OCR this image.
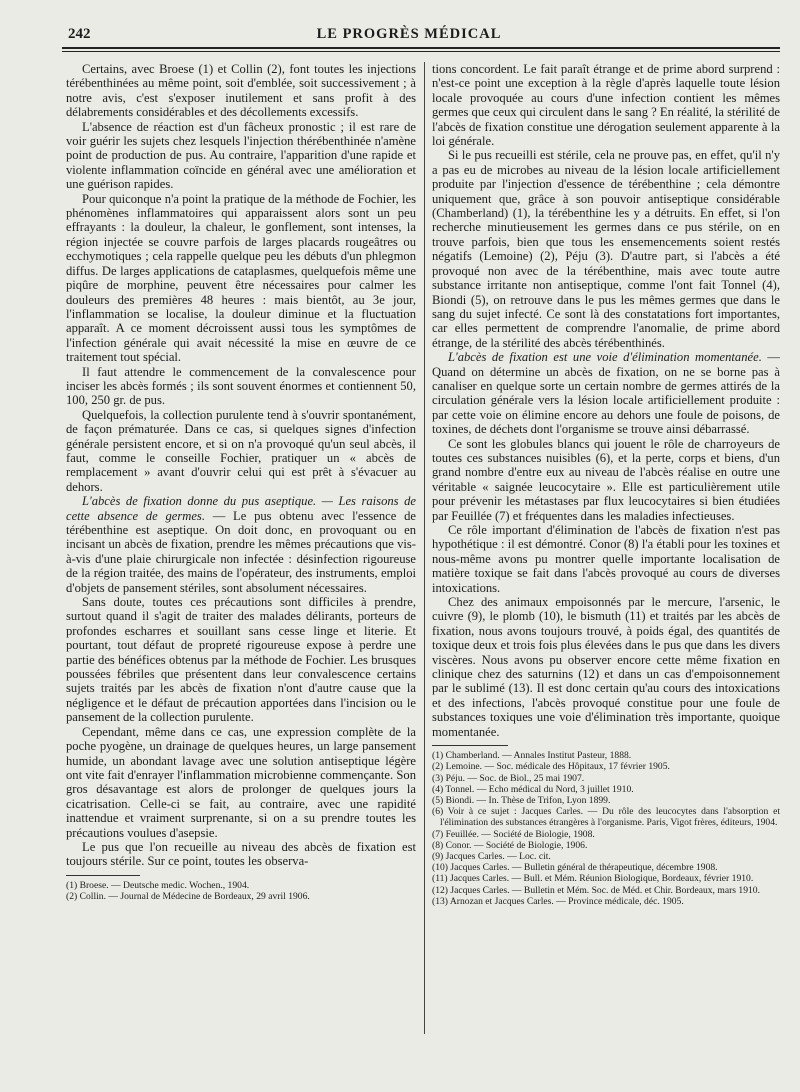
242	LE PROGRÈS MÉDICAL

Certains, avec Broese (1) et Collin (2), font toutes les injections térébenthinées au même point, soit d'emblée, soit successivement ; à notre avis, c'est s'exposer inutilement et sans profit à des délabrements considérables et des décollements excessifs.

L'absence de réaction est d'un fâcheux pronostic ; il est rare de voir guérir les sujets chez lesquels l'injection thérébenthinée n'amène point de production de pus. Au contraire, l'apparition d'une rapide et violente inflammation coïncide en général avec une amélioration et une guérison rapides.

Pour quiconque n'a point la pratique de la méthode de Fochier, les phénomènes inflammatoires qui apparaissent alors sont un peu effrayants : la douleur, la chaleur, le gonflement, sont intenses, la région injectée se couvre parfois de larges placards rougeâtres ou ecchymotiques ; cela rappelle quelque peu les débuts d'un phlegmon diffus. De larges applications de cataplasmes, quelquefois même une piqûre de morphine, peuvent être nécessaires pour calmer les douleurs des premières 48 heures : mais bientôt, au 3e jour, l'inflammation se localise, la douleur diminue et la fluctuation apparaît. A ce moment décroissent aussi tous les symptômes de l'infection générale qui avait nécessité la mise en œuvre de ce traitement tout spécial.

Il faut attendre le commencement de la convalescence pour inciser les abcès formés ; ils sont souvent énormes et contiennent 50, 100, 250 gr. de pus.

Quelquefois, la collection purulente tend à s'ouvrir spontanément, de façon prématurée. Dans ce cas, si quelques signes d'infection générale persistent encore, et si on n'a provoqué qu'un seul abcès, il faut, comme le conseille Fochier, pratiquer un « abcès de remplacement » avant d'ouvrir celui qui est prêt à s'évacuer au dehors.

L'abcès de fixation donne du pus aseptique. — Les raisons de cette absence de germes. — Le pus obtenu avec l'essence de térébenthine est aseptique. On doit donc, en provoquant ou en incisant un abcès de fixation, prendre les mêmes précautions que vis-à-vis d'une plaie chirurgicale non infectée : désinfection rigoureuse de la région traitée, des mains de l'opérateur, des instruments, emploi d'objets de pansement stériles, sont absolument nécessaires.

Sans doute, toutes ces précautions sont difficiles à prendre, surtout quand il s'agit de traiter des malades délirants, porteurs de profondes escharres et souillant sans cesse linge et literie. Et pourtant, tout défaut de propreté rigoureuse expose à perdre une partie des bénéfices obtenus par la méthode de Fochier. Les brusques poussées fébriles que présentent dans leur convalescence certains sujets traités par les abcès de fixation n'ont d'autre cause que la négligence et le défaut de précaution apportées dans l'incision ou le pansement de la collection purulente.

Cependant, même dans ce cas, une expression complète de la poche pyogène, un drainage de quelques heures, un large pansement humide, un abondant lavage avec une solution antiseptique légère ont vite fait d'enrayer l'inflammation microbienne commençante. Son gros désavantage est alors de prolonger de quelques jours la cicatrisation. Celle-ci se fait, au contraire, avec une rapidité inattendue et vraiment surprenante, si on a su prendre toutes les précautions voulues d'asepsie.

Le pus que l'on recueille au niveau des abcès de fixation est toujours stérile. Sur ce point, toutes les observa-

(1) Broese. — Deutsche medic. Wochen., 1904.
(2) Collin. — Journal de Médecine de Bordeaux, 29 avril 1906.

tions concordent. Le fait paraît étrange et de prime abord surprend : n'est-ce point une exception à la règle d'après laquelle toute lésion locale provoquée au cours d'une infection contient les mêmes germes que ceux qui circulent dans le sang ? En réalité, la stérilité de l'abcès de fixation constitue une dérogation seulement apparente à la loi générale.

Si le pus recueilli est stérile, cela ne prouve pas, en effet, qu'il n'y a pas eu de microbes au niveau de la lésion locale artificiellement produite par l'injection d'essence de térébenthine ; cela démontre uniquement que, grâce à son pouvoir antiseptique considérable (Chamberland) (1), la térébenthine les y a détruits. En effet, si l'on recherche minutieusement les germes dans ce pus stérile, on en trouve parfois, bien que tous les ensemencements soient restés négatifs (Lemoine) (2), Péju (3). D'autre part, si l'abcès a été provoqué non avec de la térébenthine, mais avec toute autre substance irritante non antiseptique, comme l'ont fait Tonnel (4), Biondi (5), on retrouve dans le pus les mêmes germes que dans le sang du sujet infecté. Ce sont là des constatations fort importantes, car elles permettent de comprendre l'anomalie, de prime abord étrange, de la stérilité des abcès térébenthinés.

L'abcès de fixation est une voie d'élimination momentanée. — Quand on détermine un abcès de fixation, on ne se borne pas à canaliser en quelque sorte un certain nombre de germes attirés de la circulation générale vers la lésion locale artificiellement produite : par cette voie on élimine encore au dehors une foule de poisons, de toxines, de déchets dont l'organisme se trouve ainsi débarrassé.

Ce sont les globules blancs qui jouent le rôle de charroyeurs de toutes ces substances nuisibles (6), et la perte, corps et biens, d'un grand nombre d'entre eux au niveau de l'abcès réalise en outre une véritable « saignée leucocytaire ». Elle est particulièrement utile pour prévenir les métastases par flux leucocytaires si bien étudiées par Feuillée (7) et fréquentes dans les maladies infectieuses.

Ce rôle important d'élimination de l'abcès de fixation n'est pas hypothétique : il est démontré. Conor (8) l'a établi pour les toxines et nous-même avons pu montrer quelle importante localisation de matière toxique se fait dans l'abcès provoqué au cours de diverses intoxications.

Chez des animaux empoisonnés par le mercure, l'arsenic, le cuivre (9), le plomb (10), le bismuth (11) et traités par les abcès de fixation, nous avons toujours trouvé, à poids égal, des quantités de toxique deux et trois fois plus élevées dans le pus que dans les divers viscères. Nous avons pu observer encore cette même fixation en clinique chez des saturnins (12) et dans un cas d'empoisonnement par le sublimé (13). Il est donc certain qu'au cours des intoxications et des infections, l'abcès provoqué constitue pour une foule de substances toxiques une voie d'élimination très importante, quoique momentanée.

(1) Chamberland. — Annales Institut Pasteur, 1888.
(2) Lemoine. — Soc. médicale des Hôpitaux, 17 février 1905.
(3) Péju. — Soc. de Biol., 25 mai 1907.
(4) Tonnel. — Echo médical du Nord, 3 juillet 1910.
(5) Biondi. — In. Thèse de Trifon, Lyon 1899.
(6) Voir à ce sujet : Jacques Carles. — Du rôle des leucocytes dans l'absorption et l'élimination des substances étrangères à l'organisme. Paris, Vigot frères, éditeurs, 1904.
(7) Feuillée. — Société de Biologie, 1908.
(8) Conor. — Société de Biologie, 1906.
(9) Jacques Carles. — Loc. cit.
(10) Jacques Carles. — Bulletin général de thérapeutique, décembre 1908.
(11) Jacques Carles. — Bull. et Mém. Réunion Biologique, Bordeaux, février 1910.
(12) Jacques Carles. — Bulletin et Mém. Soc. de Méd. et Chir. Bordeaux, mars 1910.
(13) Arnozan et Jacques Carles. — Province médicale, déc. 1905.
